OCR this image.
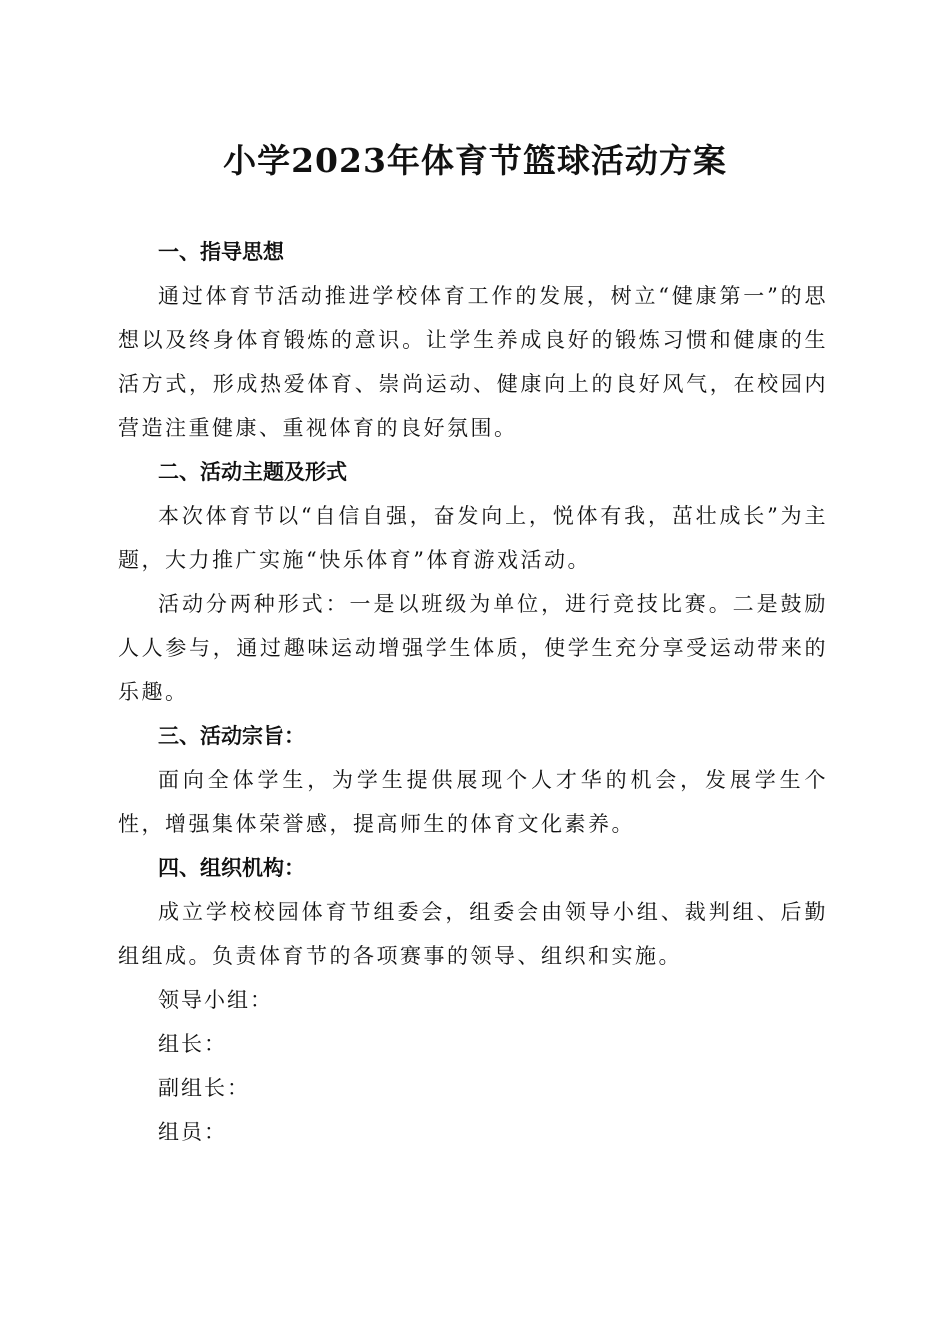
小学2023年体育节篮球活动方案

一、指导思想

通过体育节活动推进学校体育工作的发展，树立“健康第一”的思想以及终身体育锻炼的意识。让学生养成良好的锻炼习惯和健康的生活方式，形成热爱体育、崇尚运动、健康向上的良好风气，在校园内营造注重健康、重视体育的良好氛围。

二、活动主题及形式

本次体育节以“自信自强，奋发向上，悦体有我，茁壮成长”为主题，大力推广实施“快乐体育”体育游戏活动。

活动分两种形式：一是以班级为单位，进行竞技比赛。二是鼓励人人参与，通过趣味运动增强学生体质，使学生充分享受运动带来的乐趣。

三、活动宗旨：

面向全体学生，为学生提供展现个人才华的机会，发展学生个性，增强集体荣誉感，提高师生的体育文化素养。

四、组织机构：

成立学校校园体育节组委会，组委会由领导小组、裁判组、后勤组组成。负责体育节的各项赛事的领导、组织和实施。

领导小组：

组长：

副组长：

组员：
